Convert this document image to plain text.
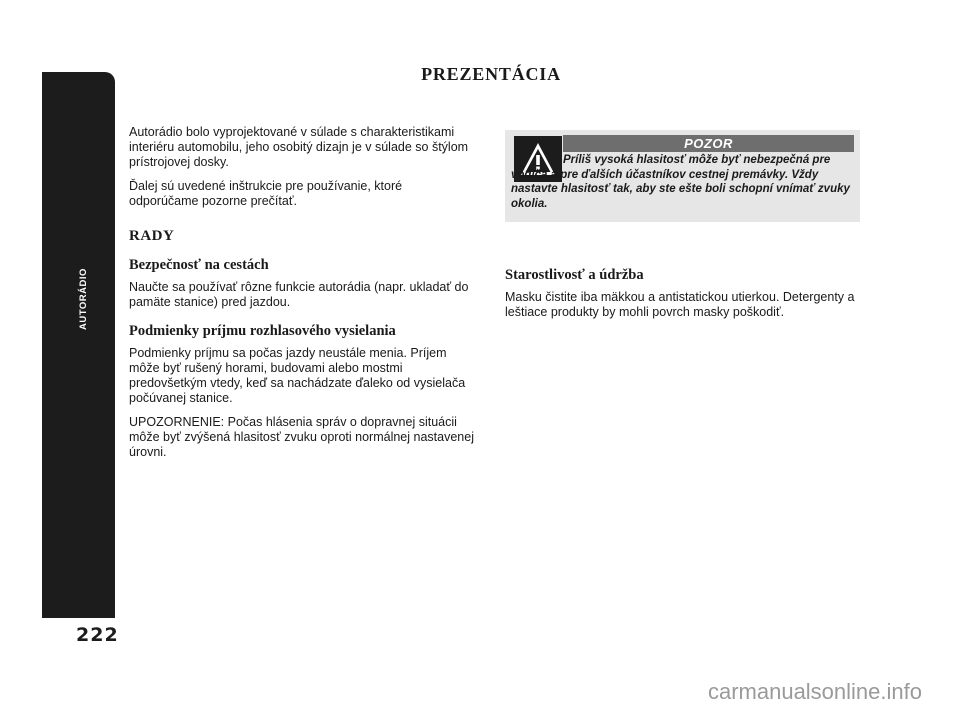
AUTORÁDIO
222
PREZENTÁCIA

Autorádio bolo vyprojektované v súlade s charakteristikami interiéru automobilu, jeho osobitý dizajn je v súlade so štýlom prístrojovej dosky.

Ďalej sú uvedené inštrukcie pre používanie, ktoré odporúčame pozorne prečítať.

RADY
Bezpečnosť na cestách

Naučte sa používať rôzne funkcie autorádia (napr. ukladať do pamäte stanice) pred jazdou.

Podmienky príjmu rozhlasového vysielania

Podmienky príjmu sa počas jazdy neustále menia. Príjem môže byť rušený horami, budovami alebo mostmi predovšetkým vtedy, keď sa nachádzate ďaleko od vysielača počúvanej stanice.

UPOZORNENIE: Počas hlásenia správ o dopravnej situácii môže byť zvýšená hlasitosť zvuku oproti normálnej nastavenej úrovni.

POZOR
Príliš vysoká hlasitosť môže byť nebezpečná pre vodiča a pre ďalších účastníkov cestnej premávky. Vždy nastavte hlasitosť tak, aby ste ešte boli schopní vnímať zvuky okolia.
Starostlivosť a údržba

Masku čistite iba mäkkou a antistatickou utierkou. Detergenty a leštiace produkty by mohli povrch masky poškodiť.

carmanualsonline.info
